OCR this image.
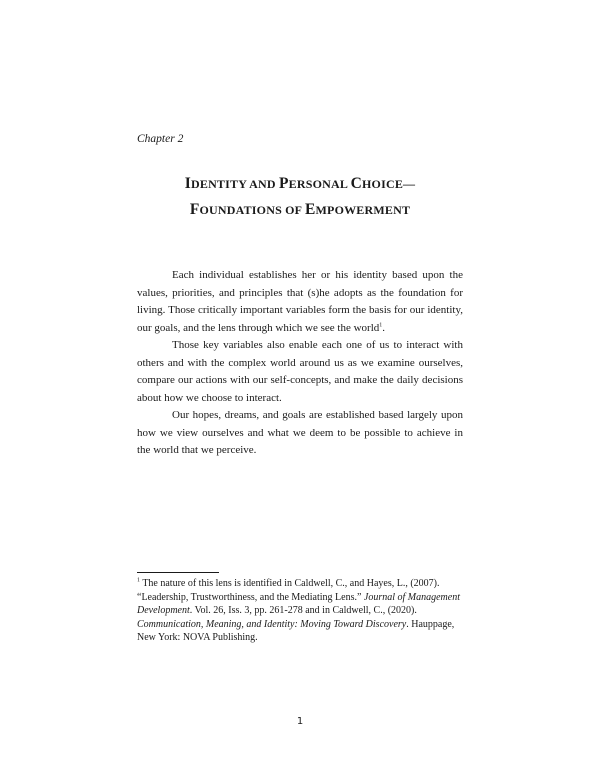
Chapter 2
IDENTITY AND PERSONAL CHOICE—
FOUNDATIONS OF EMPOWERMENT

Each individual establishes her or his identity based upon the values, priorities, and principles that (s)he adopts as the foundation for living. Those critically important variables form the basis for our identity, our goals, and the lens through which we see the world$^1$.

Those key variables also enable each one of us to interact with others and with the complex world around us as we examine ourselves, compare our actions with our self-concepts, and make the daily decisions about how we choose to interact.

Our hopes, dreams, and goals are established based largely upon how we view ourselves and what we deem to be possible to achieve in the world that we perceive.

$^1$ The nature of this lens is identified in Caldwell, C., and Hayes, L., (2007). “Leadership, Trustworthiness, and the Mediating Lens.” Journal of Management Development. Vol. 26, Iss. 3, pp. 261-278 and in Caldwell, C., (2020). Communication, Meaning, and Identity: Moving Toward Discovery. Hauppage, New York: NOVA Publishing.
1
